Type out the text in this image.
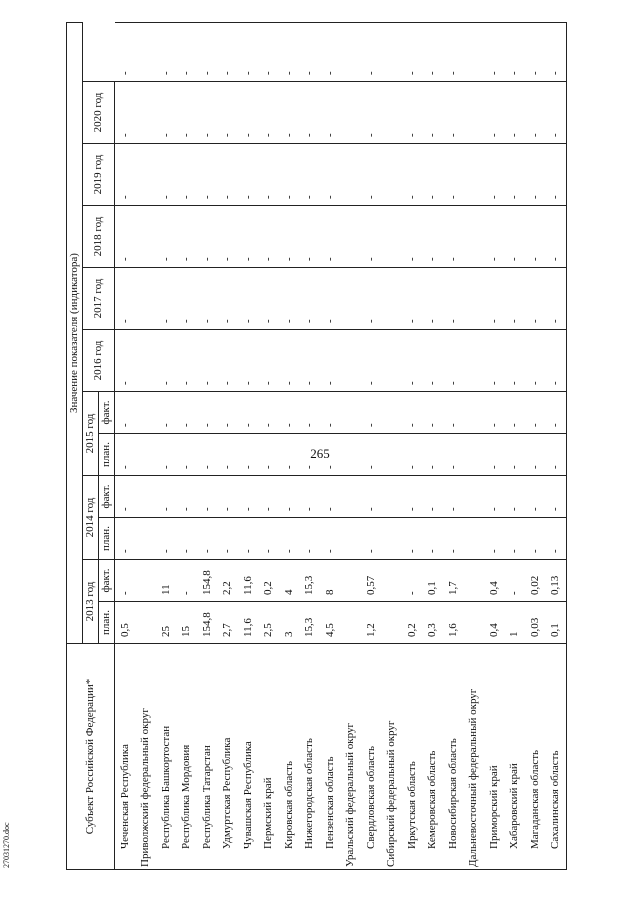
265
27031270.doc
Субъект Российской Федерации*	Значение показателя (индикатора)											
	2013 год		2014 год		2015 год		2016 год	2017 год	2018 год	2019 год	2020 год	
	план.	факт.	план.	факт.	план.	факт.						
Чеченская Республика	0,5	-	-	-	-	-	-	-	-	-	-	-
Приволжский федеральный округ												
Республика Башкортостан	25	11	-	-	-	-	-	-	-	-	-	-
Республика Мордовия	15	-	-	-	-	-	-	-	-	-	-	-
Республика Татарстан	154,8	154,8	-	-	-	-	-	-	-	-	-	-
Удмуртская Республика	2,7	2,2	-	-	-	-	-	-	-	-	-	-
Чувашская Республика	11,6	11,6	-	-	-	-	-	-	-	-	-	-
Пермский край	2,5	0,2	-	-	-	-	-	-	-	-	-	-
Кировская область	3	4	-	-	-	-	-	-	-	-	-	-
Нижегородская область	15,3	15,3	-	-	-	-	-	-	-	-	-	-
Пензенская область	4,5	8	-	-	-	-	-	-	-	-	-	-
Уральский федеральный округ												
Свердловская область	1,2	0,57	-	-	-	-	-	-	-	-	-	-
Сибирский федеральный округ												
Иркутская область	0,2	-	-	-	-	-	-	-	-	-	-	-
Кемеровская область	0,3	0,1	-	-	-	-	-	-	-	-	-	-
Новосибирская область	1,6	1,7	-	-	-	-	-	-	-	-	-	-
Дальневосточный федеральный округ												
Приморский край	0,4	0,4	-	-	-	-	-	-	-	-	-	-
Хабаровский край	1	-	-	-	-	-	-	-	-	-	-	-
Магаданская область	0,03	0,02	-	-	-	-	-	-	-	-	-	-
Сахалинская область	0,1	0,13	-	-	-	-	-	-	-	-	-	-
